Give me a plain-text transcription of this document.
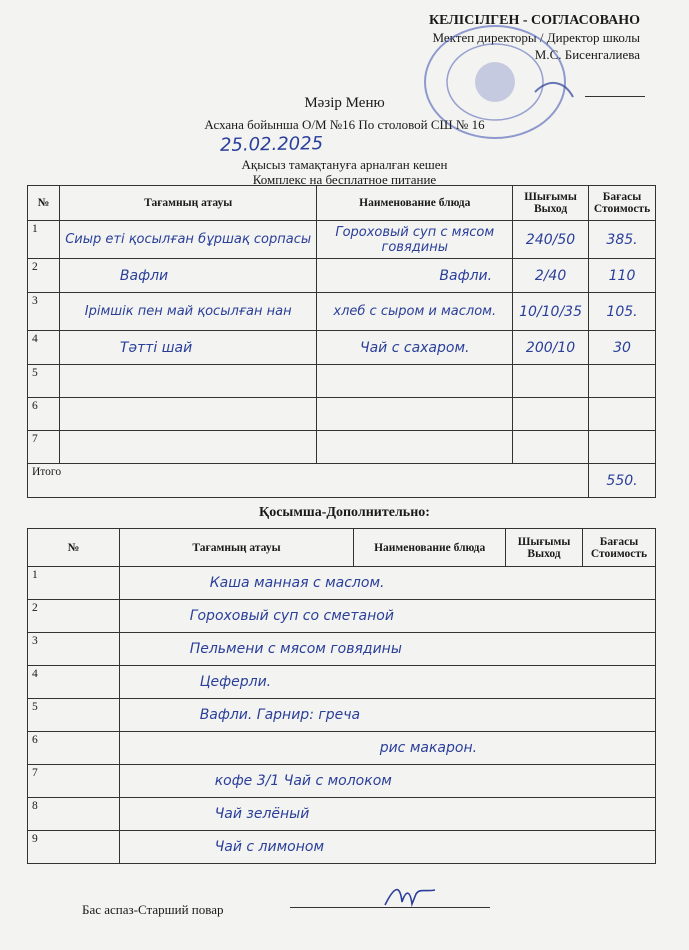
КЕЛІСІЛГЕН - СОГЛАСОВАНО
Мектеп директоры / Директор школы
М.С. Бисенгалиева
Мәзір Меню
Асхана бойынша О/М №16 По столовой СШ № 16
25.02.2025
Ақысыз тамақтануға арналған кешен
Комплекс на бесплатное питание
№	Тағамның атауы	Наименование блюда	Шығымы Выход	Бағасы Стоимость
1	Сиыр еті қосылған бұршақ сорпасы	Гороховый суп с мясом говядины	240/50	385.
2	Вафли	Вафли.	2/40	110
3	Ірімшік пен май қосылған нан	хлеб с сыром и маслом.	10/10/35	105.
4	Тәтті шай	Чай с сахаром.	200/10	30
5				
6				
7				
Итого				550.
Қосымша-Дополнительно:
№	Тағамның атауы	Наименование блюда	Шығымы Выход	Бағасы Стоимость
1	Каша манная с маслом.			
2	Гороховый суп со сметаной			
3	Пельмени с мясом говядины			
4	Цеферли.			
5	Вафли. Гарнир: греча			
6	рис макарон.			
7	кофе 3/1 Чай с молоком			
8	Чай зелёный			
9	Чай с лимоном			
Бас аспаз-Старший повар
